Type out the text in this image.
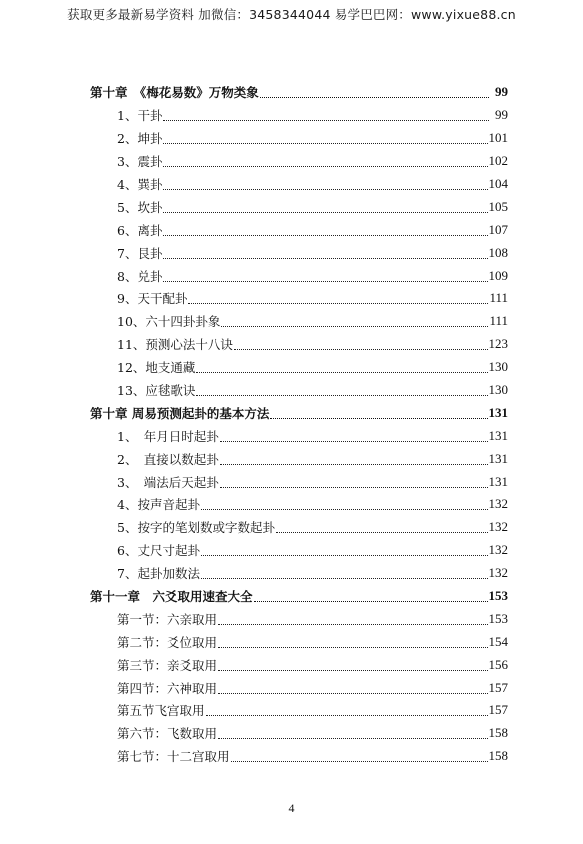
获取更多最新易学资料 加微信：3458344044 易学巴巴网：www.yixue88.cn
第十章　《梅花易数》万物类象	99
1、干卦	99
2、坤卦	101
3、震卦	102
4、巽卦	104
5、坎卦	105
6、离卦	107
7、艮卦	108
8、兑卦	109
9、天干配卦	111
10、六十四卦卦象	111
11、预测心法十八诀	123
12、地支通藏	130
13、应毬歌诀	130
第十章 周易预测起卦的基本方法	131
1、　年月日时起卦	131
2、　直接以数起卦	131
3、　端法后天起卦	131
4、按声音起卦	132
5、按字的笔划数或字数起卦	132
6、丈尺寸起卦	132
7、起卦加数法	132
第十一章　六爻取用速查大全	153
第一节：六亲取用	153
第二节：爻位取用	154
第三节：亲爻取用	156
第四节：六神取用	157
第五节飞宫取用	157
第六节：飞数取用	158
第七节：十二宫取用	158
4
